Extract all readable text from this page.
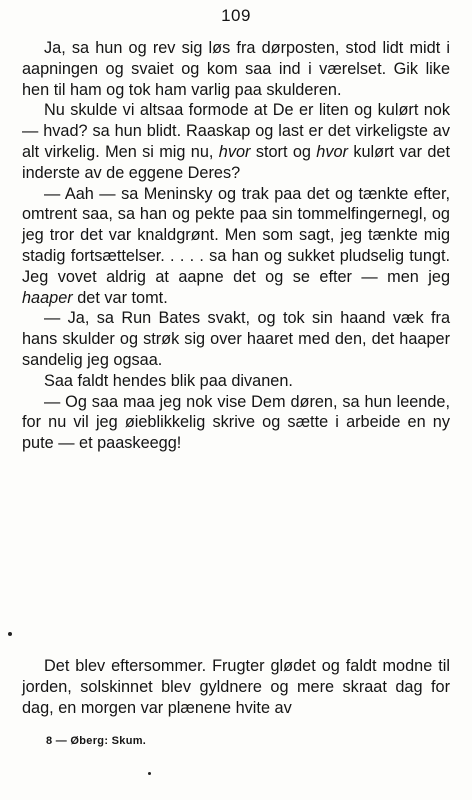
109

Ja, sa hun og rev sig løs fra dørposten, stod lidt midt i aapningen og svaiet og kom saa ind i værelset. Gik like hen til ham og tok ham varlig paa skulderen.

Nu skulde vi altsaa formode at De er liten og kulørt nok — hvad? sa hun blidt. Raaskap og last er det virkeligste av alt virkelig. Men si mig nu, hvor stort og hvor kulørt var det inderste av de eggene Deres?

— Aah — sa Meninsky og trak paa det og tænkte efter, omtrent saa, sa han og pekte paa sin tommelfingernegl, og jeg tror det var knaldgrønt. Men som sagt, jeg tænkte mig stadig fortsættelser. . . . . sa han og sukket pludselig tungt. Jeg vovet aldrig at aapne det og se efter — men jeg haaper det var tomt.

— Ja, sa Run Bates svakt, og tok sin haand væk fra hans skulder og strøk sig over haaret med den, det haaper sandelig jeg ogsaa.

Saa faldt hendes blik paa divanen.

— Og saa maa jeg nok vise Dem døren, sa hun leende, for nu vil jeg øieblikkelig skrive og sætte i arbeide en ny pute — et paaskeegg!

Det blev eftersommer. Frugter glødet og faldt modne til jorden, solskinnet blev gyldnere og mere skraat dag for dag, en morgen var plænene hvite av

8 — Øberg: Skum.
